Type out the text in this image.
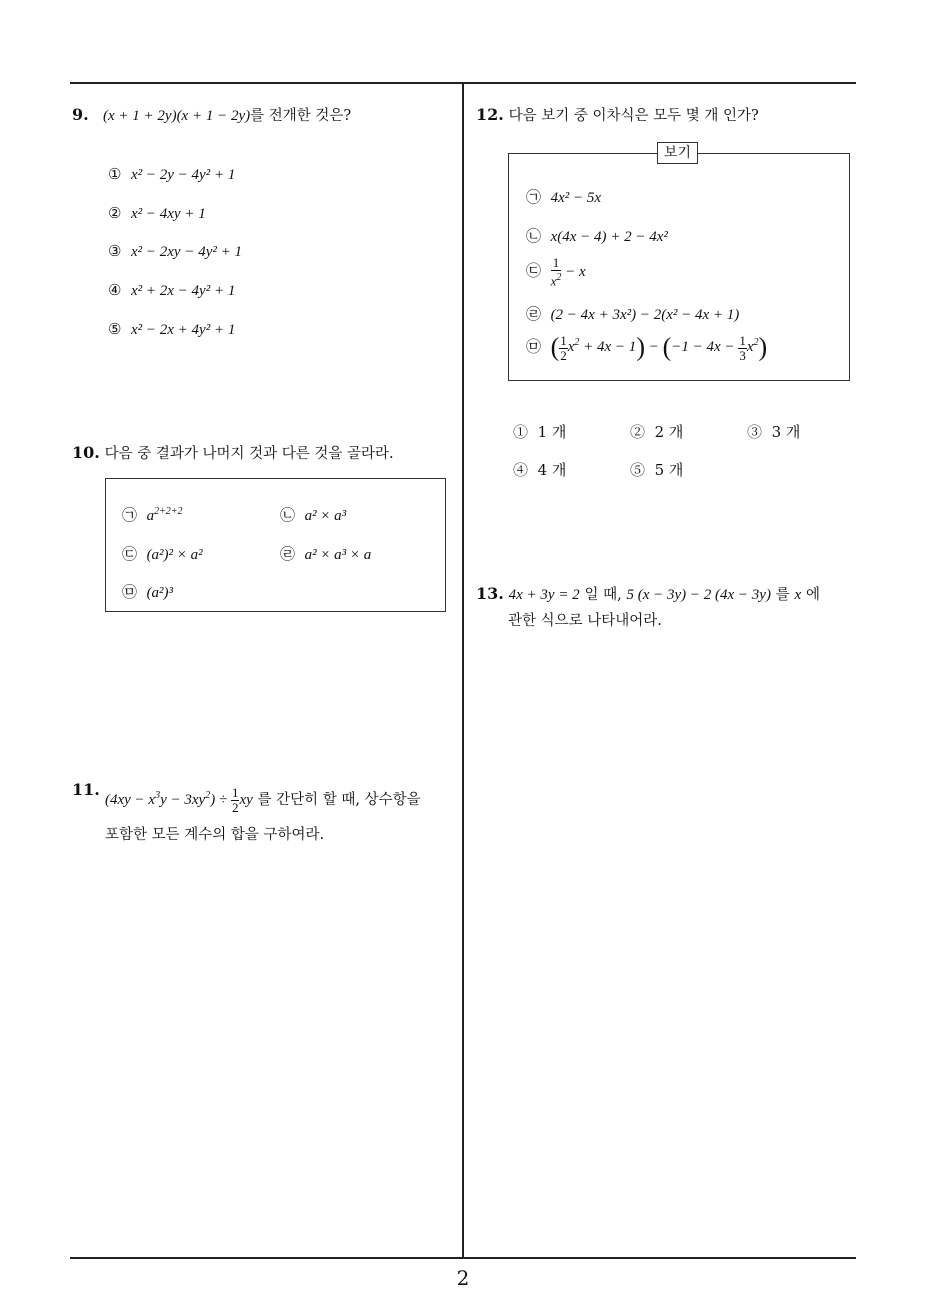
9. (x + 1 + 2y)(x + 1 − 2y)를 전개한 것은?
① x² − 2y − 4y² + 1
② x² − 4xy + 1
③ x² − 2xy − 4y² + 1
④ x² + 2x − 4y² + 1
⑤ x² − 2x + 4y² + 1
10. 다음 중 결과가 나머지 것과 다른 것을 골라라.
㉠ $a^{2+2+2}$	㉡ a² × a³
㉢ (a²)² × a²	㉣ a² × a³ × a
㉤ (a²)³
11.
$(4xy - x^3y - 3xy^2) \div \frac{1}{2}$ xy 를 간단히 할 때, 상수항을
포함한 모든 계수의 합을 구하여라.
12. 다음 보기 중 이차식은 모두 몇 개 인가?
보기
㉠ 4x² − 5x
㉡ x(4x − 4) + 2 − 4x²
㉢ $\frac{1}{x^2} - x$
㉣ (2 − 4x + 3x²) − 2(x² − 4x + 1)
㉤ ( $\frac{1}{2} x^2 + 4x - 1) - (-1 - 4x - \frac{1}{3} x^2)$
① 1 개	② 2 개	③ 3 개
④ 4 개	⑤ 5 개
13. 4x + 3y = 2 일 때, 5 (x − 3y) − 2 (4x − 3y) 를 x 에
관한 식으로 나타내어라.
2
